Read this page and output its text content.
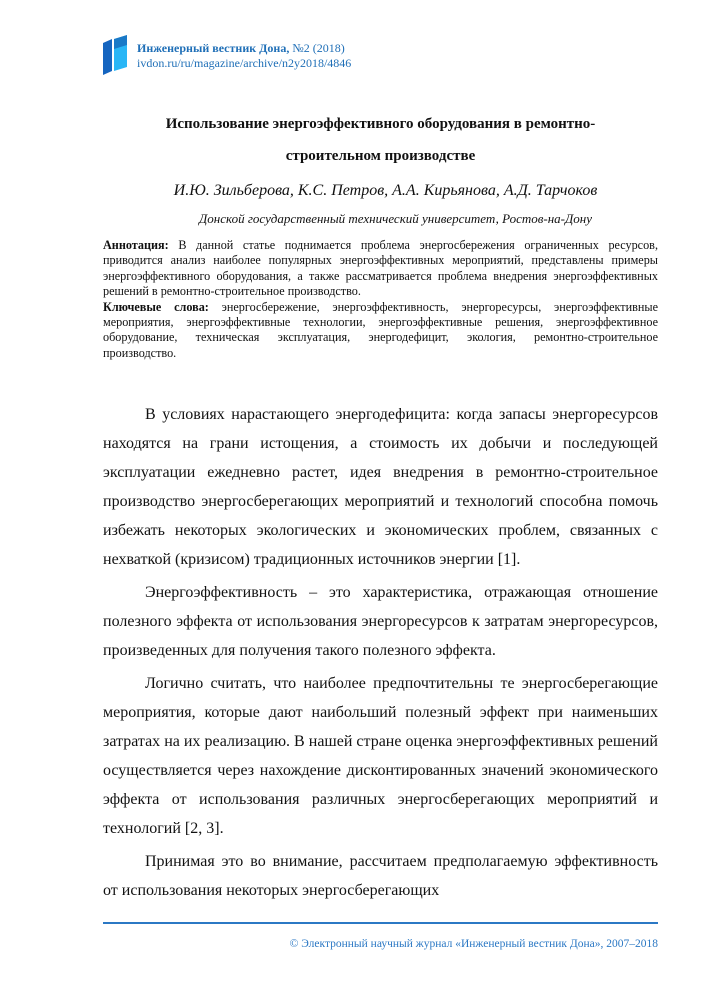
Инженерный вестник Дона, №2 (2018)
ivdon.ru/ru/magazine/archive/n2y2018/4846
Использование энергоэффективного оборудования в ремонтно-
строительном производстве
И.Ю. Зильберова, К.С. Петров, А.А. Кирьянова, А.Д. Тарчоков
Донской государственный технический университет, Ростов-на-Дону

Аннотация: В данной статье поднимается проблема энергосбережения ограниченных ресурсов, приводится анализ наиболее популярных энергоэффективных мероприятий, представлены примеры энергоэффективного оборудования, а также рассматривается проблема внедрения энергоэффективных решений в ремонтно-строительное производство.

Ключевые слова: энергосбережение, энергоэффективность, энергоресурсы, энергоэффективные мероприятия, энергоэффективные технологии, энергоэффективные решения, энергоэффективное оборудование, техническая эксплуатация, энергодефицит, экология, ремонтно-строительное производство.

В условиях нарастающего энергодефицита: когда запасы энергоресурсов находятся на грани истощения, а стоимость их добычи и последующей эксплуатации ежедневно растет, идея внедрения в ремонтно-строительное производство энергосберегающих мероприятий и технологий способна помочь избежать некоторых экологических и экономических проблем, связанных с нехваткой (кризисом) традиционных источников энергии [1].

Энергоэффективность – это характеристика, отражающая отношение полезного эффекта от использования энергоресурсов к затратам энергоресурсов, произведенных для получения такого полезного эффекта.

Логично считать, что наиболее предпочтительны те энергосберегающие мероприятия, которые дают наибольший полезный эффект при наименьших затратах на их реализацию. В нашей стране оценка энергоэффективных решений осуществляется через нахождение дисконтированных значений экономического эффекта от использования различных энергосберегающих мероприятий и технологий [2, 3].

Принимая это во внимание, рассчитаем предполагаемую эффективность от использования некоторых энергосберегающих

© Электронный научный журнал «Инженерный вестник Дона», 2007–2018
